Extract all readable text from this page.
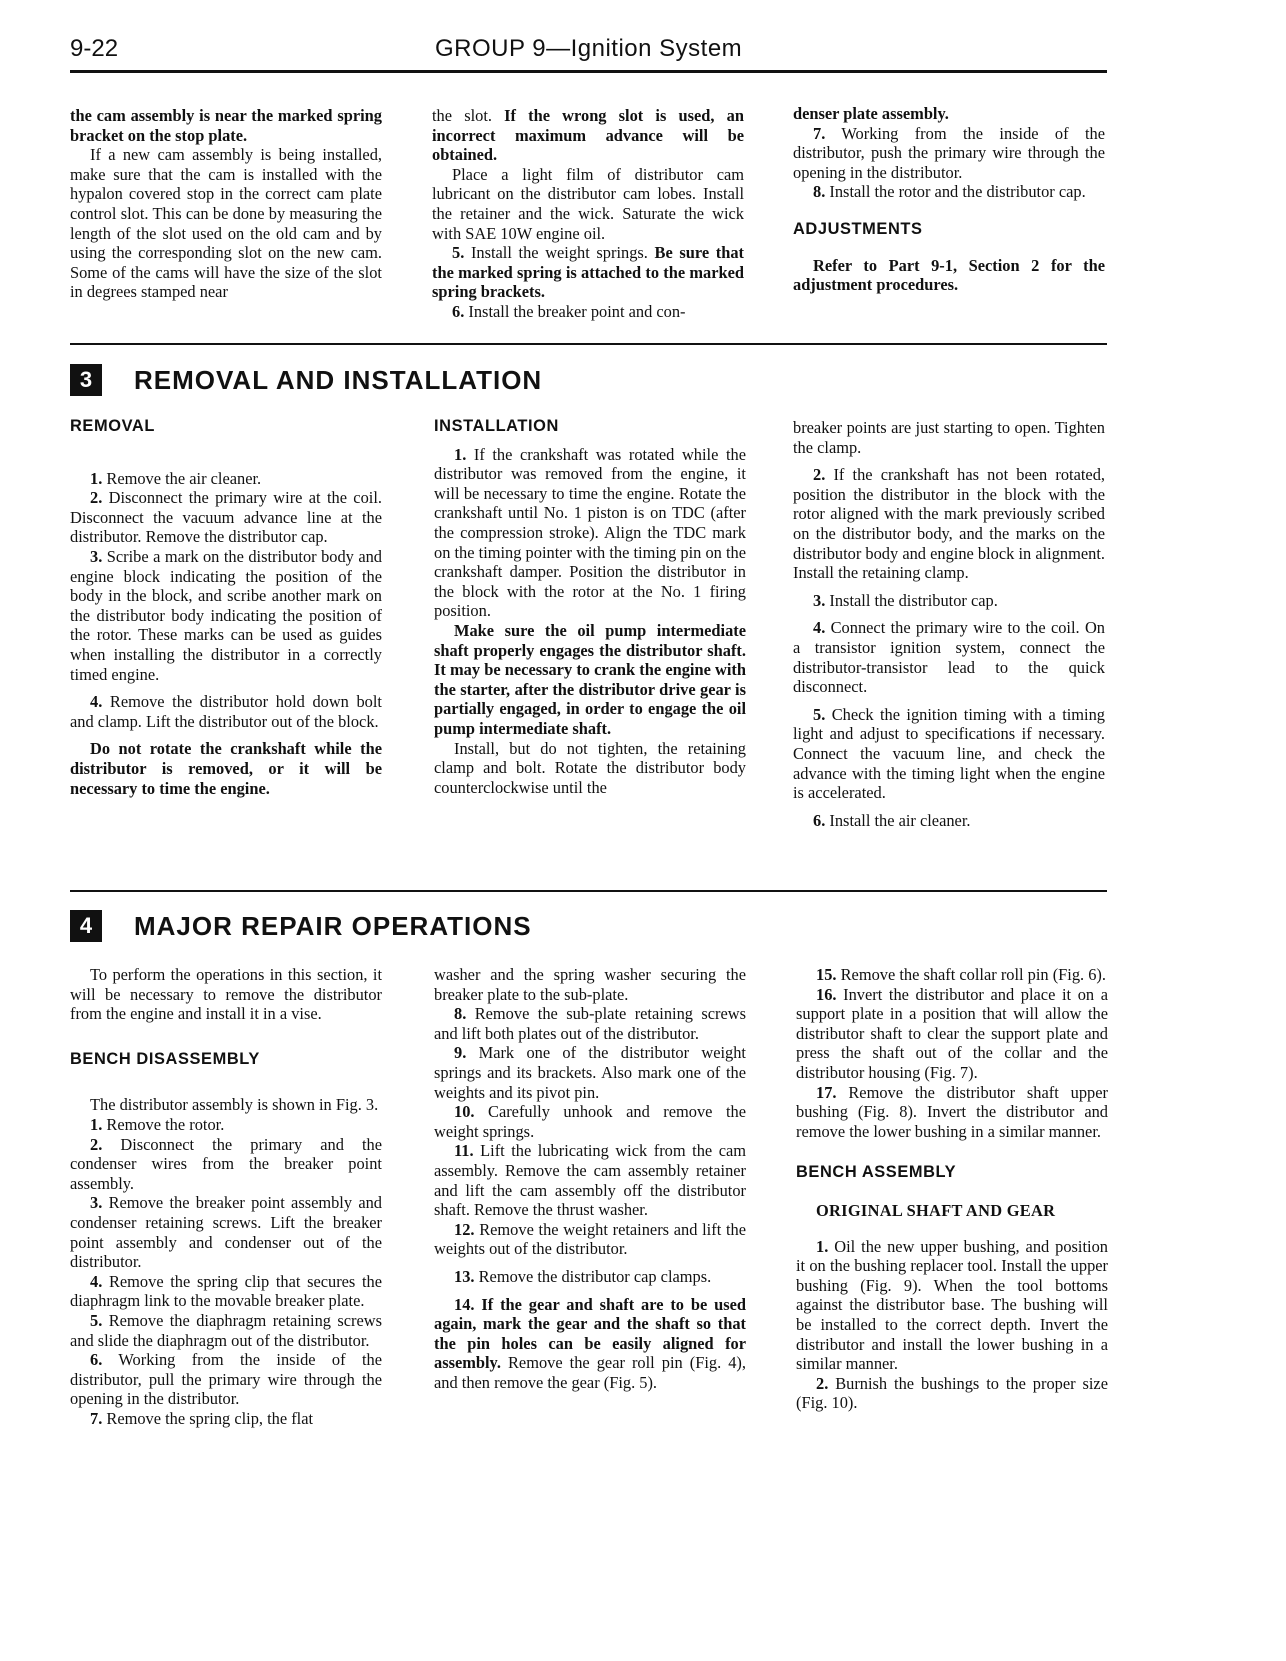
9-22	GROUP 9—Ignition System

the cam assembly is near the marked spring bracket on the stop plate.

If a new cam assembly is being installed, make sure that the cam is installed with the hypalon covered stop in the correct cam plate control slot. This can be done by measuring the length of the slot used on the old cam and by using the corresponding slot on the new cam. Some of the cams will have the size of the slot in degrees stamped near

the slot. If the wrong slot is used, an incorrect maximum advance will be obtained.

Place a light film of distributor cam lubricant on the distributor cam lobes. Install the retainer and the wick. Saturate the wick with SAE 10W engine oil.

5. Install the weight springs. Be sure that the marked spring is attached to the marked spring brackets.

6. Install the breaker point and con-

denser plate assembly.

7. Working from the inside of the distributor, push the primary wire through the opening in the distributor.

8. Install the rotor and the distributor cap.

ADJUSTMENTS

Refer to Part 9-1, Section 2 for the adjustment procedures.

3	REMOVAL AND INSTALLATION

REMOVAL

1. Remove the air cleaner.

2. Disconnect the primary wire at the coil. Disconnect the vacuum advance line at the distributor. Remove the distributor cap.

3. Scribe a mark on the distributor body and engine block indicating the position of the body in the block, and scribe another mark on the distributor body indicating the position of the rotor. These marks can be used as guides when installing the distributor in a correctly timed engine.

4. Remove the distributor hold down bolt and clamp. Lift the distributor out of the block.

Do not rotate the crankshaft while the distributor is removed, or it will be necessary to time the engine.

INSTALLATION

1. If the crankshaft was rotated while the distributor was removed from the engine, it will be necessary to time the engine. Rotate the crankshaft until No. 1 piston is on TDC (after the compression stroke). Align the TDC mark on the timing pointer with the timing pin on the crankshaft damper. Position the distributor in the block with the rotor at the No. 1 firing position.

Make sure the oil pump intermediate shaft properly engages the distributor shaft. It may be necessary to crank the engine with the starter, after the distributor drive gear is partially engaged, in order to engage the oil pump intermediate shaft.

Install, but do not tighten, the retaining clamp and bolt. Rotate the distributor body counterclockwise until the

breaker points are just starting to open. Tighten the clamp.

2. If the crankshaft has not been rotated, position the distributor in the block with the rotor aligned with the mark previously scribed on the distributor body, and the marks on the distributor body and engine block in alignment. Install the retaining clamp.

3. Install the distributor cap.

4. Connect the primary wire to the coil. On a transistor ignition system, connect the distributor-transistor lead to the quick disconnect.

5. Check the ignition timing with a timing light and adjust to specifications if necessary. Connect the vacuum line, and check the advance with the timing light when the engine is accelerated.

6. Install the air cleaner.

4	MAJOR REPAIR OPERATIONS

To perform the operations in this section, it will be necessary to remove the distributor from the engine and install it in a vise.

BENCH DISASSEMBLY

The distributor assembly is shown in Fig. 3.

1. Remove the rotor.

2. Disconnect the primary and the condenser wires from the breaker point assembly.

3. Remove the breaker point assembly and condenser retaining screws. Lift the breaker point assembly and condenser out of the distributor.

4. Remove the spring clip that secures the diaphragm link to the movable breaker plate.

5. Remove the diaphragm retaining screws and slide the diaphragm out of the distributor.

6. Working from the inside of the distributor, pull the primary wire through the opening in the distributor.

7. Remove the spring clip, the flat

washer and the spring washer securing the breaker plate to the sub-plate.

8. Remove the sub-plate retaining screws and lift both plates out of the distributor.

9. Mark one of the distributor weight springs and its brackets. Also mark one of the weights and its pivot pin.

10. Carefully unhook and remove the weight springs.

11. Lift the lubricating wick from the cam assembly. Remove the cam assembly retainer and lift the cam assembly off the distributor shaft. Remove the thrust washer.

12. Remove the weight retainers and lift the weights out of the distributor.

13. Remove the distributor cap clamps.

14. If the gear and shaft are to be used again, mark the gear and the shaft so that the pin holes can be easily aligned for assembly. Remove the gear roll pin (Fig. 4), and then remove the gear (Fig. 5).

15. Remove the shaft collar roll pin (Fig. 6).

16. Invert the distributor and place it on a support plate in a position that will allow the distributor shaft to clear the support plate and press the shaft out of the collar and the distributor housing (Fig. 7).

17. Remove the distributor shaft upper bushing (Fig. 8). Invert the distributor and remove the lower bushing in a similar manner.

BENCH ASSEMBLY

ORIGINAL SHAFT AND GEAR

1. Oil the new upper bushing, and position it on the bushing replacer tool. Install the upper bushing (Fig. 9). When the tool bottoms against the distributor base. The bushing will be installed to the correct depth. Invert the distributor and install the lower bushing in a similar manner.

2. Burnish the bushings to the proper size (Fig. 10).
